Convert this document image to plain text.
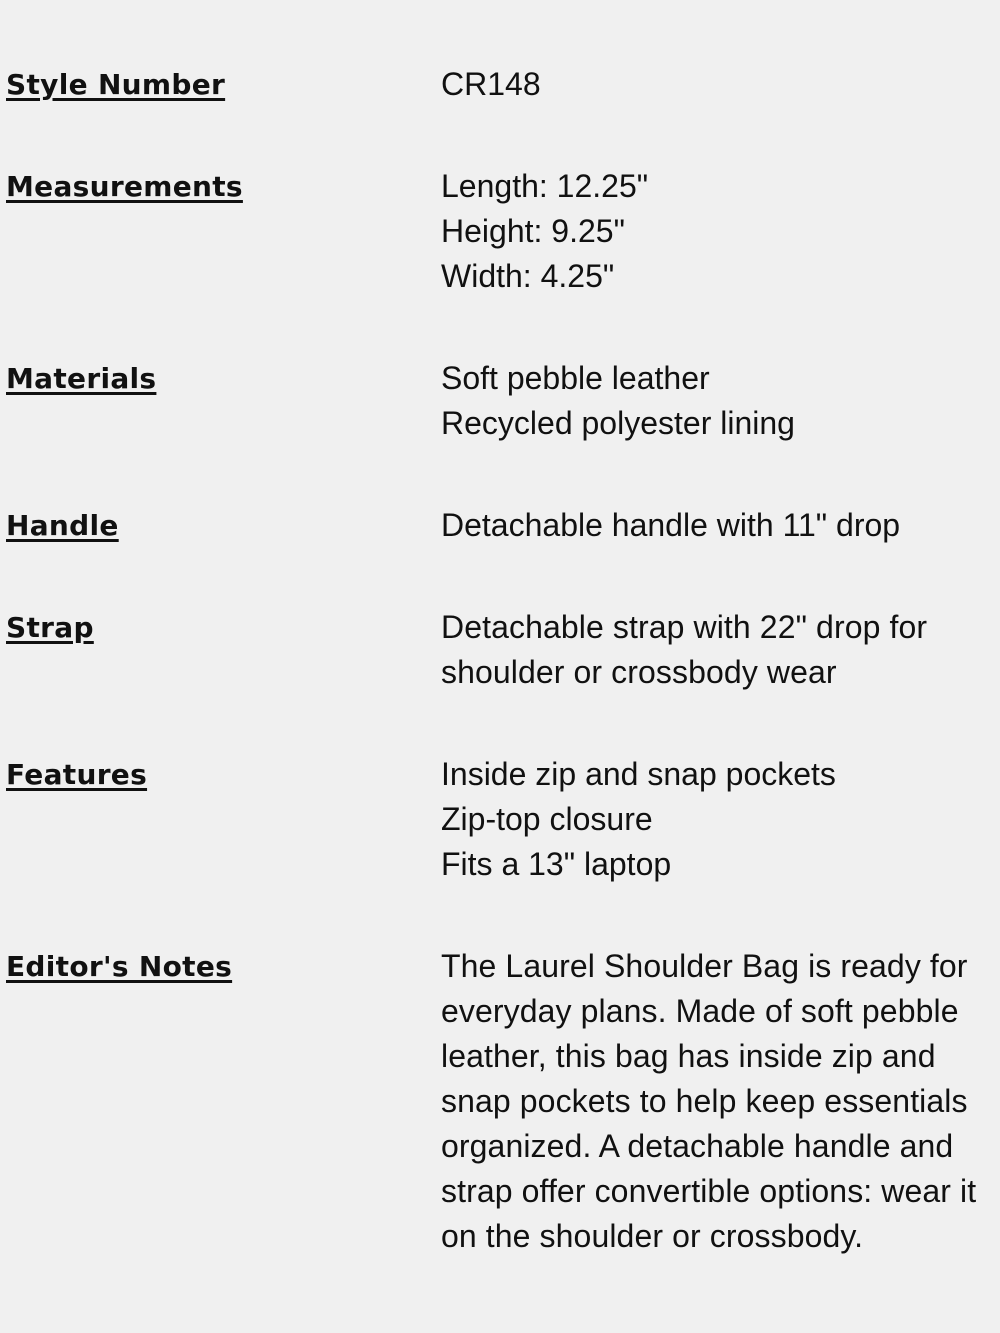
Style Number	CR148
Measurements	Length: 12.25"
Height: 9.25"
Width: 4.25"
Materials	Soft pebble leather
Recycled polyester lining
Handle	Detachable handle with 11" drop
Strap	Detachable strap with 22" drop for shoulder or crossbody wear
Features	Inside zip and snap pockets
Zip-top closure
Fits a 13" laptop
Editor's Notes	The Laurel Shoulder Bag is ready for everyday plans. Made of soft pebble leather, this bag has inside zip and snap pockets to help keep essentials organized. A detachable handle and strap offer convertible options: wear it on the shoulder or crossbody.
